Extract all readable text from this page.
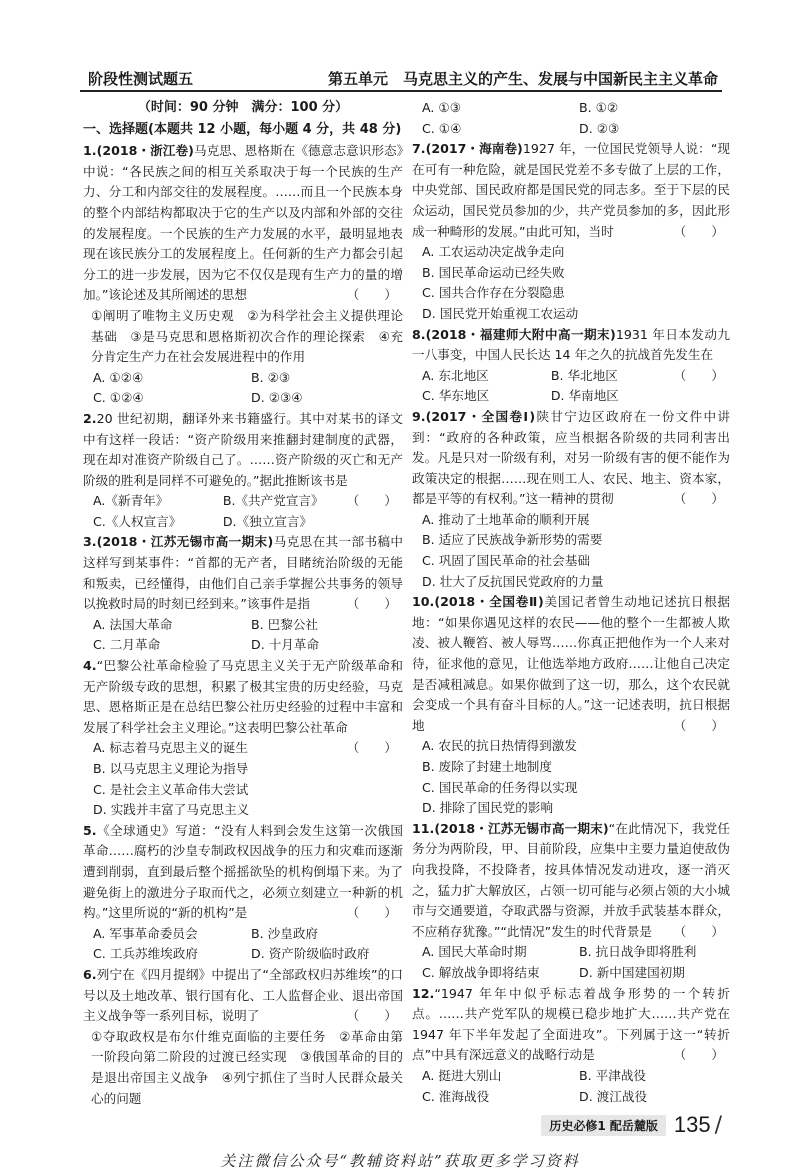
阶段性测试题五	第五单元　马克思主义的产生、发展与中国新民主主义革命
（时间：90 分钟　满分：100 分）
一、选择题(本题共 12 小题，每小题 4 分，共 48 分)
1.(2018・浙江卷)马克思、恩格斯在《德意志意识形态》中说：“各民族之间的相互关系取决于每一个民族的生产力、分工和内部交往的发展程度。……而且一个民族本身的整个内部结构都取决于它的生产以及内部和外部的交往的发展程度。一个民族的生产力发展的水平，最明显地表现在该民族分工的发展程度上。任何新的生产力都会引起分工的进一步发展，因为它不仅仅是现有生产力的量的增加。”该论述及其所阐述的思想	（　　）
①阐明了唯物主义历史观　②为科学社会主义提供理论基础　③是马克思和恩格斯初次合作的理论探索　④充分肯定生产力在社会发展进程中的作用
A. ①②④	B. ②③
C. ①②④	D. ②③④
2.20 世纪初期，翻译外来书籍盛行。其中对某书的译文中有这样一段话：“资产阶级用来推翻封建制度的武器，现在却对准资产阶级自己了。……资产阶级的灭亡和无产阶级的胜利是同样不可避免的。”据此推断该书是
（　　）
A.《新青年》	B.《共产党宣言》
C.《人权宣言》	D.《独立宣言》
3.(2018・江苏无锡市高一期末)马克思在其一部书稿中这样写到某事件：“首都的无产者，目睹统治阶级的无能和叛卖，已经懂得，由他们自己亲手掌握公共事务的领导以挽救时局的时刻已经到来。”该事件是指	（　　）
A. 法国大革命	B. 巴黎公社
C. 二月革命	D. 十月革命
4.“巴黎公社革命检验了马克思主义关于无产阶级革命和无产阶级专政的思想，积累了极其宝贵的历史经验，马克思、恩格斯正是在总结巴黎公社历史经验的过程中丰富和发展了科学社会主义理论。”这表明巴黎公社革命
（　　）
A. 标志着马克思主义的诞生
B. 以马克思主义理论为指导
C. 是社会主义革命伟大尝试
D. 实践并丰富了马克思主义
5.《全球通史》写道：“没有人料到会发生这第一次俄国革命……腐朽的沙皇专制政权因战争的压力和灾难而逐渐遭到削弱，直到最后整个摇摇欲坠的机构倒塌下来。为了避免街上的激进分子取而代之，必须立刻建立一种新的机构。”这里所说的“新的机构”是	（　　）
A. 军事革命委员会	B. 沙皇政府
C. 工兵苏维埃政府	D. 资产阶级临时政府
6.列宁在《四月提纲》中提出了“全部政权归苏维埃”的口号以及土地改革、银行国有化、工人监督企业、退出帝国主义战争等一系列目标，说明了	（　　）
①夺取政权是布尔什维克面临的主要任务　②革命由第一阶段向第二阶段的过渡已经实现　③俄国革命的目的是退出帝国主义战争　④列宁抓住了当时人民群众最关心的问题
A. ①③	B. ①②
C. ①④	D. ②③
7.(2017・海南卷)1927 年，一位国民党领导人说：“现在可有一种危险，就是国民党差不多专做了上层的工作，中央党部、国民政府都是国民党的同志多。至于下层的民众运动，国民党员参加的少，共产党员参加的多，因此形成一种畸形的发展。”由此可知，当时	（　　）
A. 工农运动决定战争走向
B. 国民革命运动已经失败
C. 国共合作存在分裂隐患
D. 国民党开始重视工农运动
8.(2018・福建师大附中高一期末)1931 年日本发动九一八事变，中国人民长达 14 年之久的抗战首先发生在
（　　）
A. 东北地区	B. 华北地区
C. 华东地区	D. 华南地区
9.(2017・全国卷Ⅰ)陕甘宁边区政府在一份文件中讲到：“政府的各种政策，应当根据各阶级的共同利害出发。凡是只对一阶级有利，对另一阶级有害的便不能作为政策决定的根据……现在则工人、农民、地主、资本家，都是平等的有权利。”这一精神的贯彻	（　　）
A. 推动了土地革命的顺利开展
B. 适应了民族战争新形势的需要
C. 巩固了国民革命的社会基础
D. 壮大了反抗国民党政府的力量
10.(2018・全国卷Ⅱ)美国记者曾生动地记述抗日根据地：“如果你遇见这样的农民——他的整个一生都被人欺凌、被人鞭笞、被人辱骂……你真正把他作为一个人来对待，征求他的意见，让他选举地方政府……让他自己决定是否减租减息。如果你做到了这一切，那么，这个农民就会变成一个具有奋斗目标的人。”这一记述表明，抗日根据地	（　　）
A. 农民的抗日热情得到激发
B. 废除了封建土地制度
C. 国民革命的任务得以实现
D. 排除了国民党的影响
11.(2018・江苏无锡市高一期末)“在此情况下，我党任务分为两阶段，甲、目前阶段，应集中主要力量迫使敌伪向我投降，不投降者，按具体情况发动进攻，逐一消灭之，猛力扩大解放区，占领一切可能与必须占领的大小城市与交通要道，夺取武器与资源，并放手武装基本群众，不应稍存犹豫。”“此情况”发生的时代背景是 （　　）
A. 国民大革命时期	B. 抗日战争即将胜利
C. 解放战争即将结束	D. 新中国建国初期
12.“1947 年年中似乎标志着战争形势的一个转折点。……共产党军队的规模已稳步地扩大……共产党在 1947 年下半年发起了全面进攻”。下列属于这一“转折点”中具有深远意义的战略行动是	（　　）
A. 挺进大别山	B. 平津战役
C. 淮海战役	D. 渡江战役
历史必修1 配岳麓版 135 /
关注微信公众号“教辅资料站”获取更多学习资料
